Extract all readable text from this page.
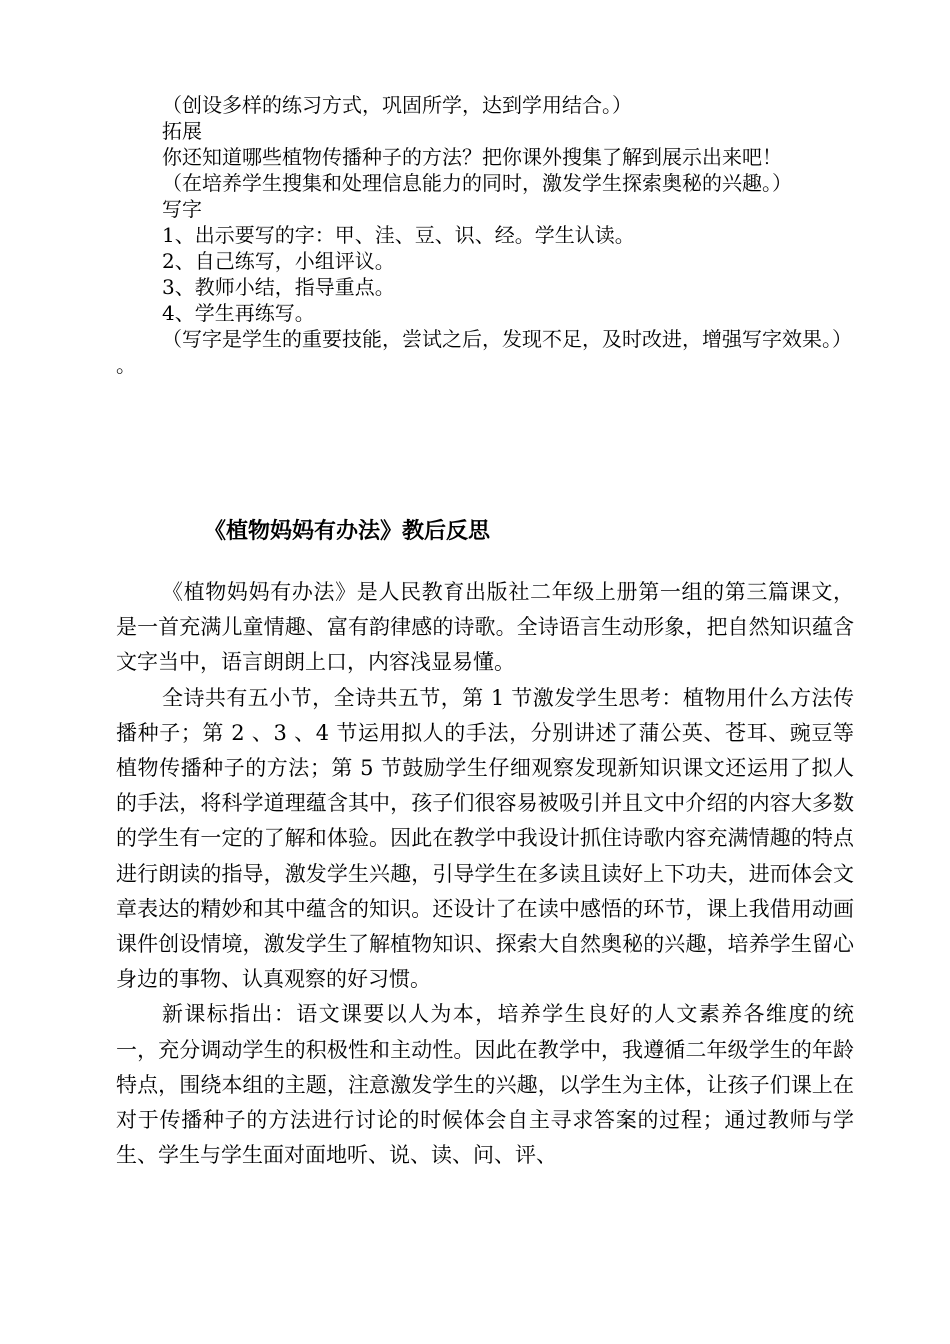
（创设多样的练习方式，巩固所学，达到学用结合。）

拓展

你还知道哪些植物传播种子的方法？把你课外搜集了解到展示出来吧！

（在培养学生搜集和处理信息能力的同时，激发学生探索奥秘的兴趣。）

写字

1、出示要写的字：甲、洼、豆、识、经。学生认读。

2、自己练写，小组评议。

3、教师小结，指导重点。

4、学生再练写。

（写字是学生的重要技能，尝试之后，发现不足，及时改进，增强写字效果。）

。

《植物妈妈有办法》教后反思

《植物妈妈有办法》是人民教育出版社二年级上册第一组的第三篇课文，是一首充满儿童情趣、富有韵律感的诗歌。全诗语言生动形象，把自然知识蕴含文字当中，语言朗朗上口，内容浅显易懂。

全诗共有五小节，全诗共五节，第 1 节激发学生思考：植物用什么方法传播种子；第 2 、3 、4 节运用拟人的手法，分别讲述了蒲公英、苍耳、豌豆等植物传播种子的方法；第 5 节鼓励学生仔细观察发现新知识课文还运用了拟人的手法，将科学道理蕴含其中，孩子们很容易被吸引并且文中介绍的内容大多数的学生有一定的了解和体验。因此在教学中我设计抓住诗歌内容充满情趣的特点进行朗读的指导，激发学生兴趣，引导学生在多读且读好上下功夫，进而体会文章表达的精妙和其中蕴含的知识。还设计了在读中感悟的环节，课上我借用动画课件创设情境，激发学生了解植物知识、探索大自然奥秘的兴趣，培养学生留心身边的事物、认真观察的好习惯。

新课标指出：语文课要以人为本，培养学生良好的人文素养各维度的统一，充分调动学生的积极性和主动性。因此在教学中，我遵循二年级学生的年龄特点，围绕本组的主题，注意激发学生的兴趣，以学生为主体，让孩子们课上在对于传播种子的方法进行讨论的时候体会自主寻求答案的过程；通过教师与学生、学生与学生面对面地听、说、读、问、评、
